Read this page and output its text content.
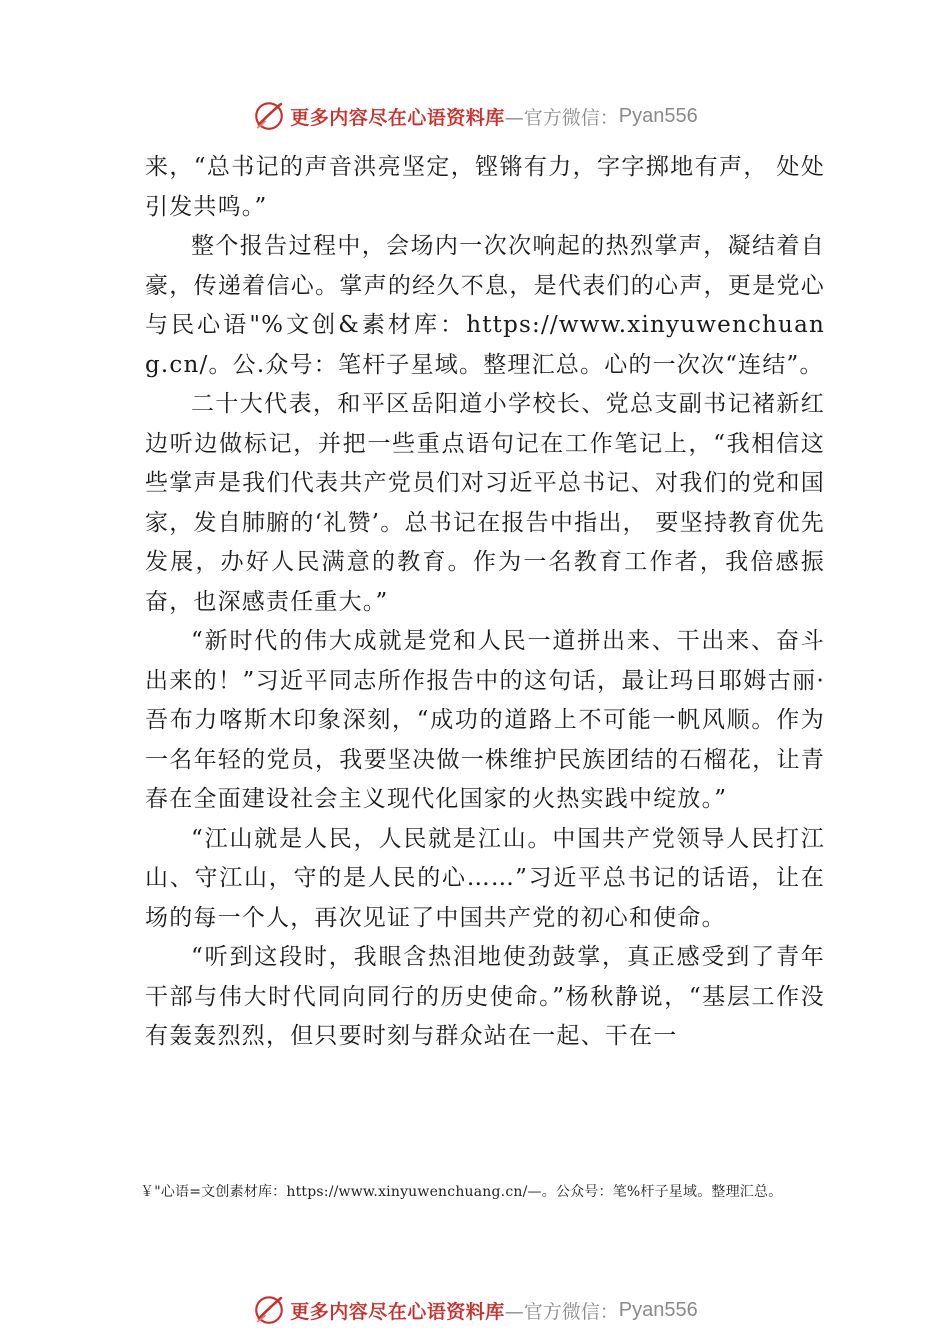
更多内容尽在心语资料库 —官方微信： Pyan556

来，“总书记的声音洪亮坚定，铿锵有力，字字掷地有声， 处处引发共鸣。”

整个报告过程中，会场内一次次响起的热烈掌声，凝结着自豪，传递着信心。掌声的经久不息，是代表们的心声，更是党心与民心语"%文创&素材库：https://www.xinyuwenchuang.cn/。公.众号：笔杆子星域。整理汇总。心的一次次“连结”。

二十大代表，和平区岳阳道小学校长、党总支副书记褚新红边听边做标记，并把一些重点语句记在工作笔记上，“我相信这些掌声是我们代表共产党员们对习近平总书记、对我们的党和国家，发自肺腑的‘礼赞’。总书记在报告中指出， 要坚持教育优先发展，办好人民满意的教育。作为一名教育工作者，我倍感振奋，也深感责任重大。”

“新时代的伟大成就是党和人民一道拼出来、干出来、奋斗出来的！”习近平同志所作报告中的这句话，最让玛日耶姆古丽·吾布力喀斯木印象深刻，“成功的道路上不可能一帆风顺。作为一名年轻的党员，我要坚决做一株维护民族团结的石榴花，让青春在全面建设社会主义现代化国家的火热实践中绽放。”

“江山就是人民，人民就是江山。中国共产党领导人民打江山、守江山，守的是人民的心……”习近平总书记的话语，让在场的每一个人，再次见证了中国共产党的初心和使命。

“听到这段时，我眼含热泪地使劲鼓掌，真正感受到了青年干部与伟大时代同向同行的历史使命。”杨秋静说，“基层工作没有轰轰烈烈，但只要时刻与群众站在一起、干在一

￥"心语=文创素材库：https://www.xinyuwenchuang.cn/—。公众号：笔%杆子星域。整理汇总。
更多内容尽在心语资料库 —官方微信： Pyan556
